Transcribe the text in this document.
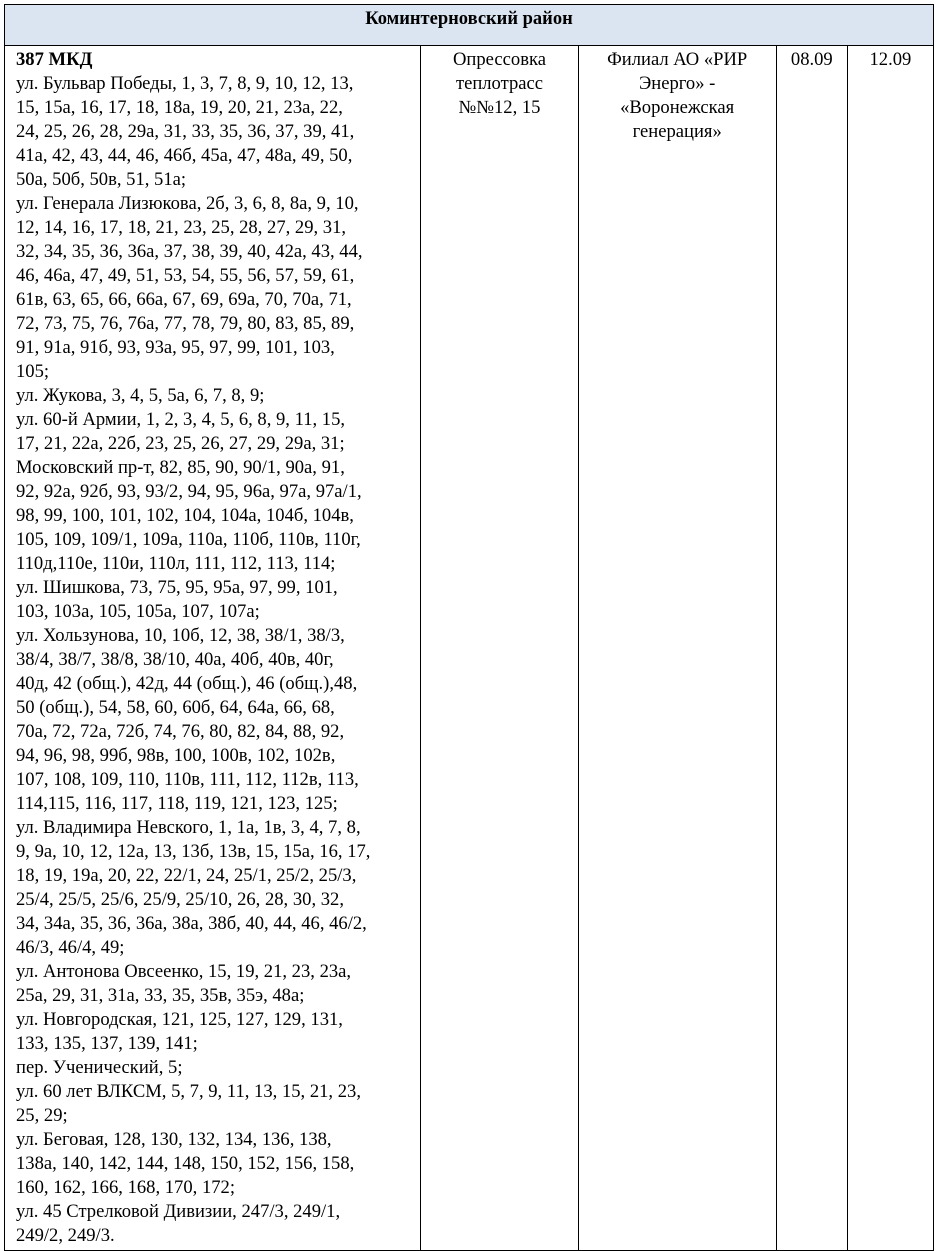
Коминтерновский район

387 МКД
ул. Бульвар Победы, 1, 3, 7, 8, 9, 10, 12, 13,
15, 15а, 16, 17, 18, 18а, 19, 20, 21, 23а, 22,
24, 25, 26, 28, 29а, 31, 33, 35, 36, 37, 39, 41,
41а, 42, 43, 44, 46, 46б, 45а, 47, 48а, 49, 50,
50а, 50б, 50в, 51, 51а;
ул. Генерала Лизюкова, 2б, 3, 6, 8, 8а, 9, 10,
12, 14, 16, 17, 18, 21, 23, 25, 28, 27, 29, 31,
32, 34, 35, 36, 36а, 37, 38, 39, 40, 42а, 43, 44,
46, 46а, 47, 49, 51, 53, 54, 55, 56, 57, 59, 61,
61в, 63, 65, 66, 66а, 67, 69, 69а, 70, 70а, 71,
72, 73, 75, 76, 76а, 77, 78, 79, 80, 83, 85, 89,
91, 91а, 91б, 93, 93а, 95, 97, 99, 101, 103,
105;
ул. Жукова, 3, 4, 5, 5а, 6, 7, 8, 9;
ул. 60-й Армии, 1, 2, 3, 4, 5, 6, 8, 9, 11, 15,
17, 21, 22а, 22б, 23, 25, 26, 27, 29, 29а, 31;
Московский пр-т, 82, 85, 90, 90/1, 90а, 91,
92, 92а, 92б, 93, 93/2, 94, 95, 96а, 97а, 97а/1,
98, 99, 100, 101, 102, 104, 104а, 104б, 104в,
105, 109, 109/1, 109а, 110а, 110б, 110в, 110г,
110д,110е, 110и, 110л, 111, 112, 113, 114;
ул. Шишкова, 73, 75, 95, 95а, 97, 99, 101,
103, 103а, 105, 105а, 107, 107а;
ул. Хользунова, 10, 10б, 12, 38, 38/1, 38/3,
38/4, 38/7, 38/8, 38/10, 40а, 40б, 40в, 40г,
40д, 42 (общ.), 42д, 44 (общ.), 46 (общ.),48,
50 (общ.), 54, 58, 60, 60б, 64, 64а, 66, 68,
70а, 72, 72а, 72б, 74, 76, 80, 82, 84, 88, 92,
94, 96, 98, 99б, 98в, 100, 100в, 102, 102в,
107, 108, 109, 110, 110в, 111, 112, 112в, 113,
114,115, 116, 117, 118, 119, 121, 123, 125;
ул. Владимира Невского, 1, 1а, 1в, 3, 4, 7, 8,
9, 9а, 10, 12, 12а, 13, 13б, 13в, 15, 15а, 16, 17,
18, 19, 19а, 20, 22, 22/1, 24, 25/1, 25/2, 25/3,
25/4, 25/5, 25/6, 25/9, 25/10, 26, 28, 30, 32,
34, 34а, 35, 36, 36а, 38а, 38б, 40, 44, 46, 46/2,
46/3, 46/4, 49;
ул. Антонова Овсеенко, 15, 19, 21, 23, 23а,
25а, 29, 31, 31а, 33, 35, 35в, 35э, 48а;
ул. Новгородская, 121, 125, 127, 129, 131,
133, 135, 137, 139, 141;
пер. Ученический, 5;
ул. 60 лет ВЛКСМ, 5, 7, 9, 11, 13, 15, 21, 23,
25, 29;
ул. Беговая, 128, 130, 132, 134, 136, 138,
138а, 140, 142, 144, 148, 150, 152, 156, 158,
160, 162, 166, 168, 170, 172;
ул. 45 Стрелковой Дивизии, 247/3, 249/1,
249/2, 249/3.

Опрессовка
теплотрасс
№№12, 15

Филиал АО «РИР
Энерго» -
«Воронежская
генерация»

08.09	12.09
